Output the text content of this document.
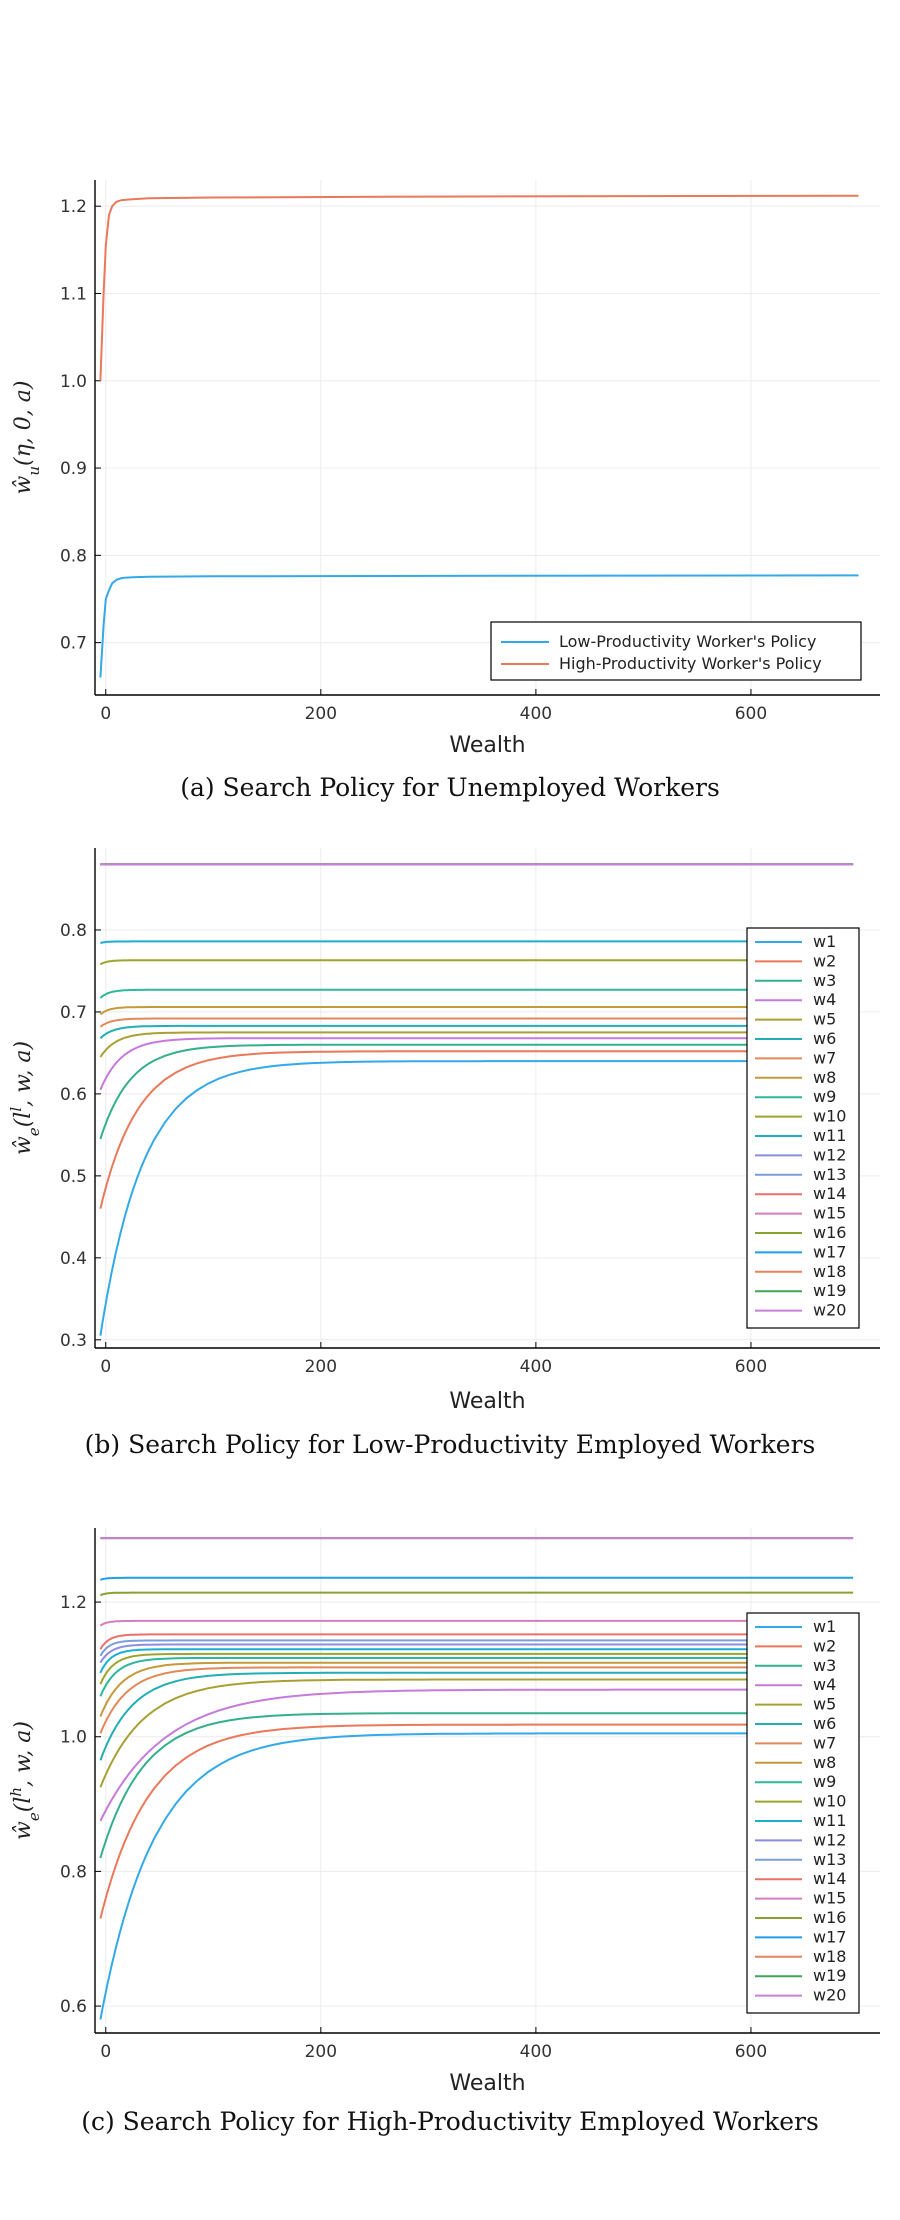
0	200	400	600
0.7
0.8
0.9
1.0
1.1
1.2
Wealth
$ŵ_u(\eta$, 0, a)
Low-Productivity Worker's Policy
High-Productivity Worker's Policy
(a) Search Policy for Unemployed Workers
0	200	400	600
0.3
0.4
0.5
0.6
0.7
0.8
Wealth
$ŵ_e(l^l$, w, a)
w1
w2
w3
w4
w5
w6
w7
w8
w9
w10
w11
w12
w13
w14
w15
w16
w17
w18
w19
w20
(b) Search Policy for Low-Productivity Employed Workers
0	200	400	600
0.6
0.8
1.0
1.2
Wealth
$ŵ_e(l^h$, w, a)
w1
w2
w3
w4
w5
w6
w7
w8
w9
w10
w11
w12
w13
w14
w15
w16
w17
w18
w19
w20
(c) Search Policy for High-Productivity Employed Workers
